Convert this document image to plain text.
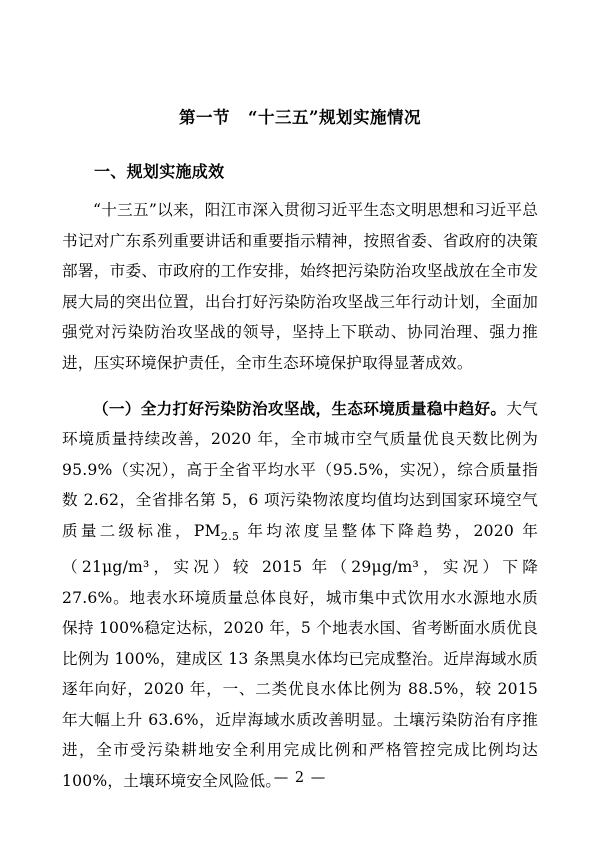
第一节 “十三五”规划实施情况
一、规划实施成效

“十三五”以来，阳江市深入贯彻习近平生态文明思想和习近平总书记对广东系列重要讲话和重要指示精神，按照省委、省政府的决策部署，市委、市政府的工作安排，始终把污染防治攻坚战放在全市发展大局的突出位置，出台打好污染防治攻坚战三年行动计划，全面加强党对污染防治攻坚战的领导，坚持上下联动、协同治理、强力推进，压实环境保护责任，全市生态环境保护取得显著成效。

（一）全力打好污染防治攻坚战，生态环境质量稳中趋好。大气环境质量持续改善，2020 年，全市城市空气质量优良天数比例为 95.9%（实况），高于全省平均水平（95.5%，实况），综合质量指数 2.62，全省排名第 5，6 项污染物浓度均值均达到国家环境空气质量二级标准，$PM_{2.5}$ 年均浓度呈整体下降趋势，2020 年（21μg/m³，实况）较 2015 年（29μg/m³，实况）下降 27.6%。地表水环境质量总体良好，城市集中式饮用水水源地水质保持 100%稳定达标，2020 年，5 个地表水国、省考断面水质优良比例为 100%，建成区 13 条黑臭水体均已完成整治。近岸海域水质逐年向好，2020 年，一、二类优良水体比例为 88.5%，较 2015 年大幅上升 63.6%，近岸海域水质改善明显。土壤污染防治有序推进，全市受污染耕地安全利用完成比例和严格管控完成比例均达 100%，土壤环境安全风险低。

— 2 —
